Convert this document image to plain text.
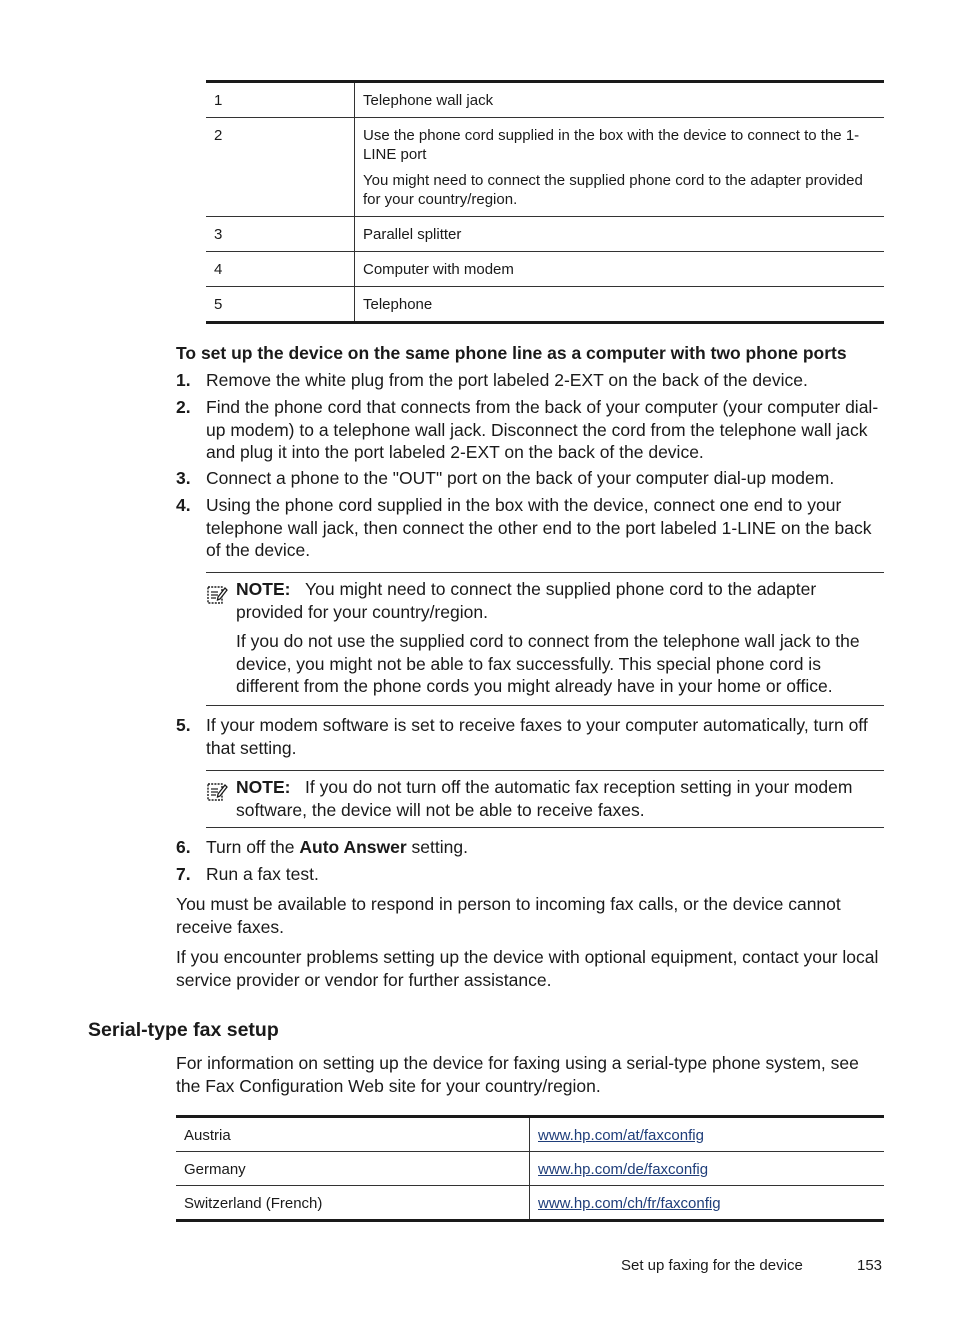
1	Telephone wall jack

2	Use the phone cord supplied in the box with the device to connect to the 1-LINE port

You might need to connect the supplied phone cord to the adapter provided for your country/region.

3	Parallel splitter

4	Computer with modem

5	Telephone

To set up the device on the same phone line as a computer with two phone ports
1. Remove the white plug from the port labeled 2-EXT on the back of the device.
2. Find the phone cord that connects from the back of your computer (your computer dial-up modem) to a telephone wall jack. Disconnect the cord from the telephone wall jack and plug it into the port labeled 2-EXT on the back of the device.
3. Connect a phone to the "OUT" port on the back of your computer dial-up modem.
4. Using the phone cord supplied in the box with the device, connect one end to your telephone wall jack, then connect the other end to the port labeled 1-LINE on the back of the device.

NOTE: You might need to connect the supplied phone cord to the adapter provided for your country/region.

If you do not use the supplied cord to connect from the telephone wall jack to the device, you might not be able to fax successfully. This special phone cord is different from the phone cords you might already have in your home or office.

5. If your modem software is set to receive faxes to your computer automatically, turn off that setting.

NOTE: If you do not turn off the automatic fax reception setting in your modem software, the device will not be able to receive faxes.

6. Turn off the Auto Answer setting.
7. Run a fax test.
You must be available to respond in person to incoming fax calls, or the device cannot receive faxes.
If you encounter problems setting up the device with optional equipment, contact your local service provider or vendor for further assistance.
Serial-type fax setup
For information on setting up the device for faxing using a serial-type phone system, see the Fax Configuration Web site for your country/region.
Austria	www.hp.com/at/faxconfig
Germany	www.hp.com/de/faxconfig
Switzerland (French)	www.hp.com/ch/fr/faxconfig
Set up faxing for the device	153
